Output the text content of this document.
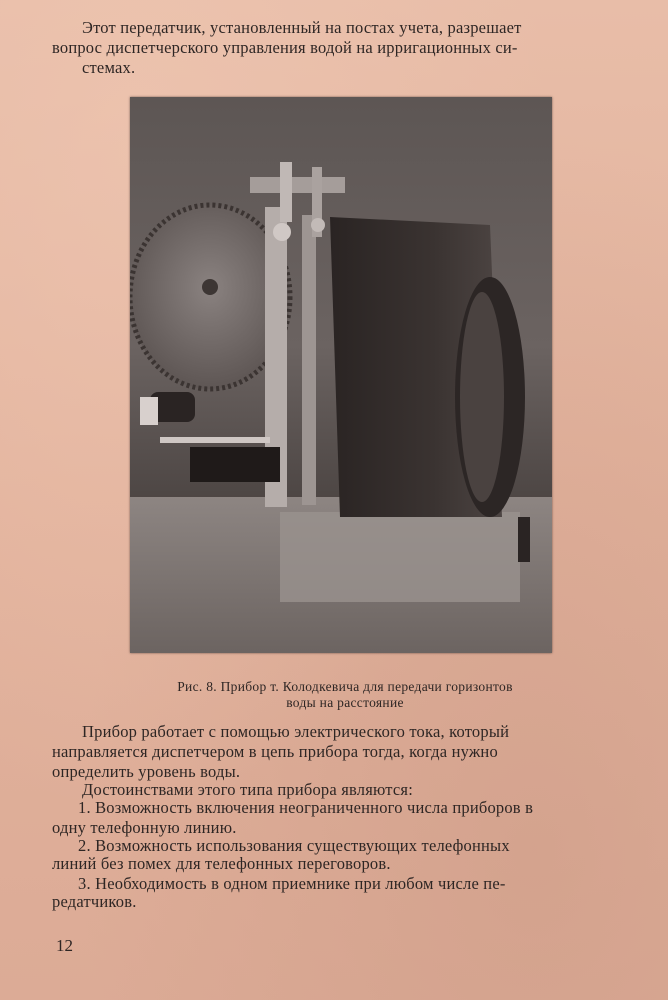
Этот передатчик, установленный на постах учета, разрешает

вопрос диспетчерского управления водой на ирригационных си-

стемах.

Рис. 8. Прибор т. Колодкевича для передачи горизонтов

воды на расстояние

Прибор работает с помощью электрического тока, который

направляется диспетчером в цепь прибора тогда, когда нужно

определить уровень воды.

Достоинствами этого типа прибора являются:

1. Возможность включения неограниченного числа приборов в

одну телефонную линию.

2. Возможность использования существующих телефонных

линий без помех для телефонных переговоров.

3. Необходимость в одном приемнике при любом числе пе-

редатчиков.

12
